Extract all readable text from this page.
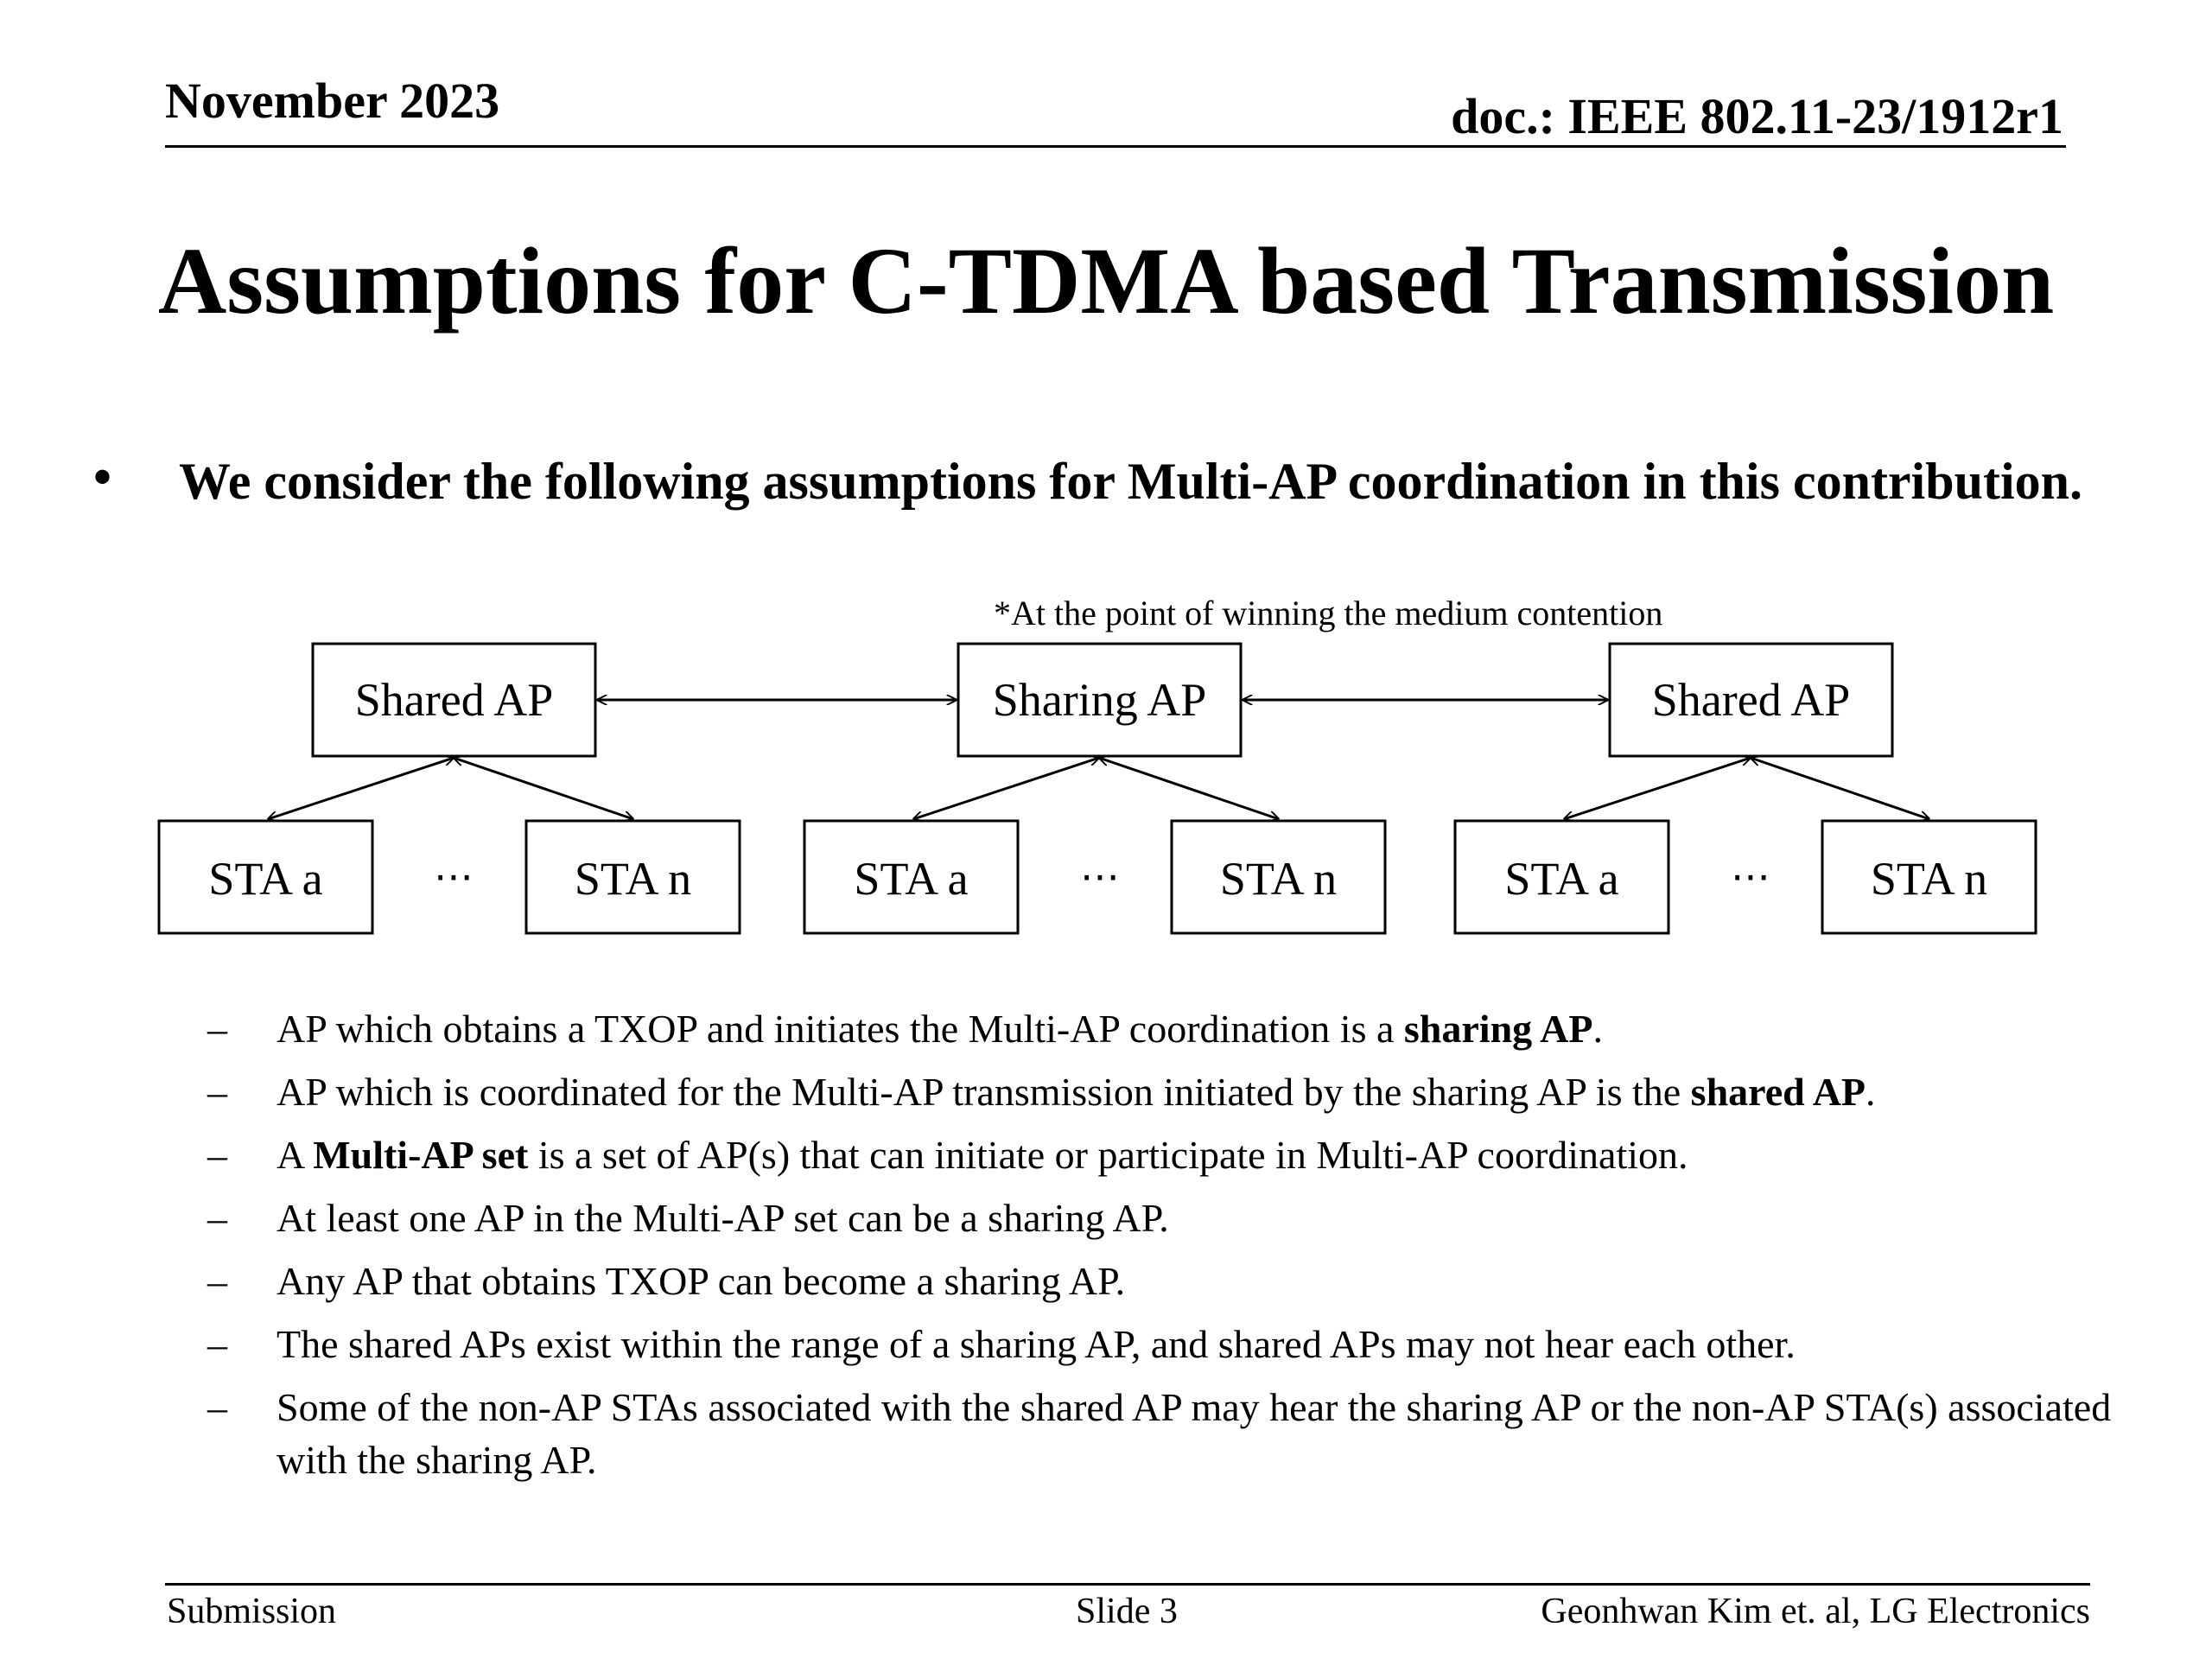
November 2023	doc.: IEEE 802.11-23/1912r1
Assumptions for C-TDMA based Transmission
• We consider the following assumptions for Multi-AP coordination in this contribution.
*At the point of winning the medium contention
Shared AP	Sharing AP	Shared AP
STA a	⋯ STA n	STA a	⋯ STA n	STA a	⋯ STA n
– AP which obtains a TXOP and initiates the Multi-AP coordination is a sharing AP.
– AP which is coordinated for the Multi-AP transmission initiated by the sharing AP is the shared AP.
– A Multi-AP set is a set of AP(s) that can initiate or participate in Multi-AP coordination.
– At least one AP in the Multi-AP set can be a sharing AP.
– Any AP that obtains TXOP can become a sharing AP.
– The shared APs exist within the range of a sharing AP, and shared APs may not hear each other.
– Some of the non-AP STAs associated with the shared AP may hear the sharing AP or the non-AP STA(s) associated with the sharing AP.
Submission	Slide 3	Geonhwan Kim et. al, LG Electronics
